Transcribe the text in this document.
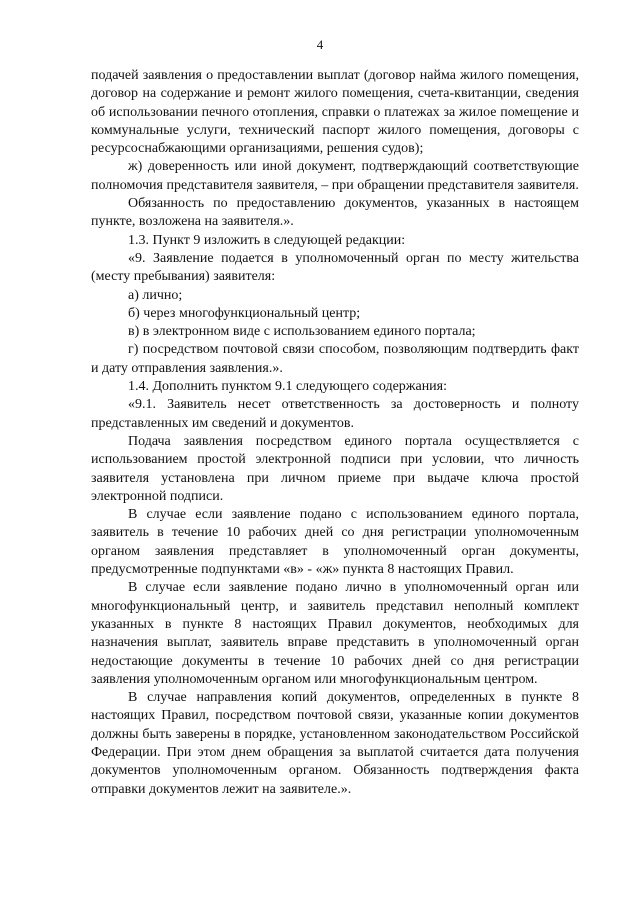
4

подачей заявления о предоставлении выплат (договор найма жилого помещения, договор на содержание и ремонт жилого помещения, счета-квитанции, сведения об использовании печного отопления, справки о платежах за жилое помещение и коммунальные услуги, технический паспорт жилого помещения, договоры с ресурсоснабжающими организациями, решения судов);

ж) доверенность или иной документ, подтверждающий соответствующие полномочия представителя заявителя, – при обращении представителя заявителя.

Обязанность по предоставлению документов, указанных в настоящем пункте, возложена на заявителя.».

1.3. Пункт 9 изложить в следующей редакции:

«9. Заявление подается в уполномоченный орган по месту жительства (месту пребывания) заявителя:

а) лично;

б) через многофункциональный центр;

в) в электронном виде с использованием единого портала;

г) посредством почтовой связи способом, позволяющим подтвердить факт и дату отправления заявления.».

1.4. Дополнить пунктом 9.1 следующего содержания:

«9.1. Заявитель несет ответственность за достоверность и полноту представленных им сведений и документов.

Подача заявления посредством единого портала осуществляется с использованием простой электронной подписи при условии, что личность заявителя установлена при личном приеме при выдаче ключа простой электронной подписи.

В случае если заявление подано с использованием единого портала, заявитель в течение 10 рабочих дней со дня регистрации уполномоченным органом заявления представляет в уполномоченный орган документы, предусмотренные подпунктами «в» - «ж» пункта 8 настоящих Правил.

В случае если заявление подано лично в уполномоченный орган или многофункциональный центр, и заявитель представил неполный комплект указанных в пункте 8 настоящих Правил документов, необходимых для назначения выплат, заявитель вправе представить в уполномоченный орган недостающие документы в течение 10 рабочих дней со дня регистрации заявления уполномоченным органом или многофункциональным центром.

В случае направления копий документов, определенных в пункте 8 настоящих Правил, посредством почтовой связи, указанные копии документов должны быть заверены в порядке, установленном законодательством Российской Федерации. При этом днем обращения за выплатой считается дата получения документов уполномоченным органом. Обязанность подтверждения факта отправки документов лежит на заявителе.».
